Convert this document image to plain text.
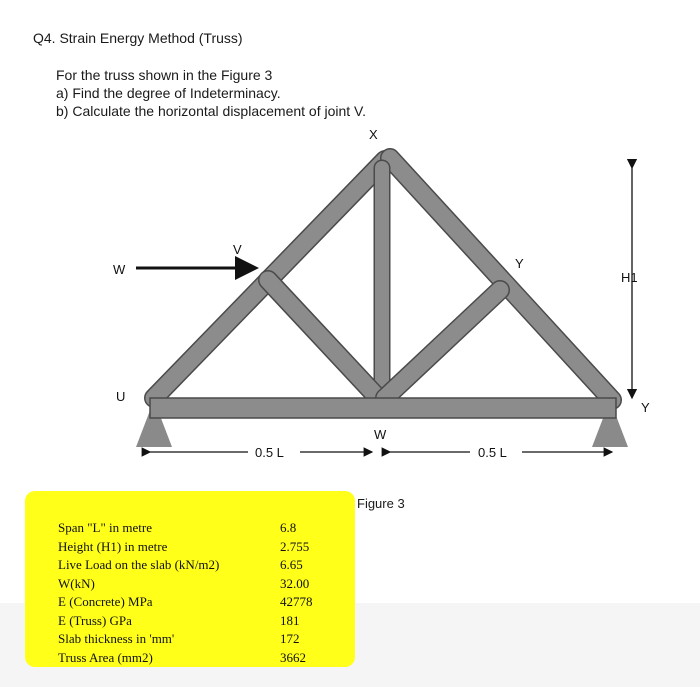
Q4. Strain Energy Method (Truss)
For the truss shown in the Figure 3
a) Find the degree of Indeterminacy.
b) Calculate the horizontal displacement of joint V.
X
Y
V
W
U
W
H1
Y
0.5 L	0.5 L
Figure 3
Span "L" in metre
Height (H1) in metre
Live Load on the slab (kN/m2)
W(kN)
E (Concrete) MPa
E (Truss) GPa
Slab thickness in 'mm'
Truss Area (mm2)
6.8
2.755
6.65
32.00
42778
181
172
3662
